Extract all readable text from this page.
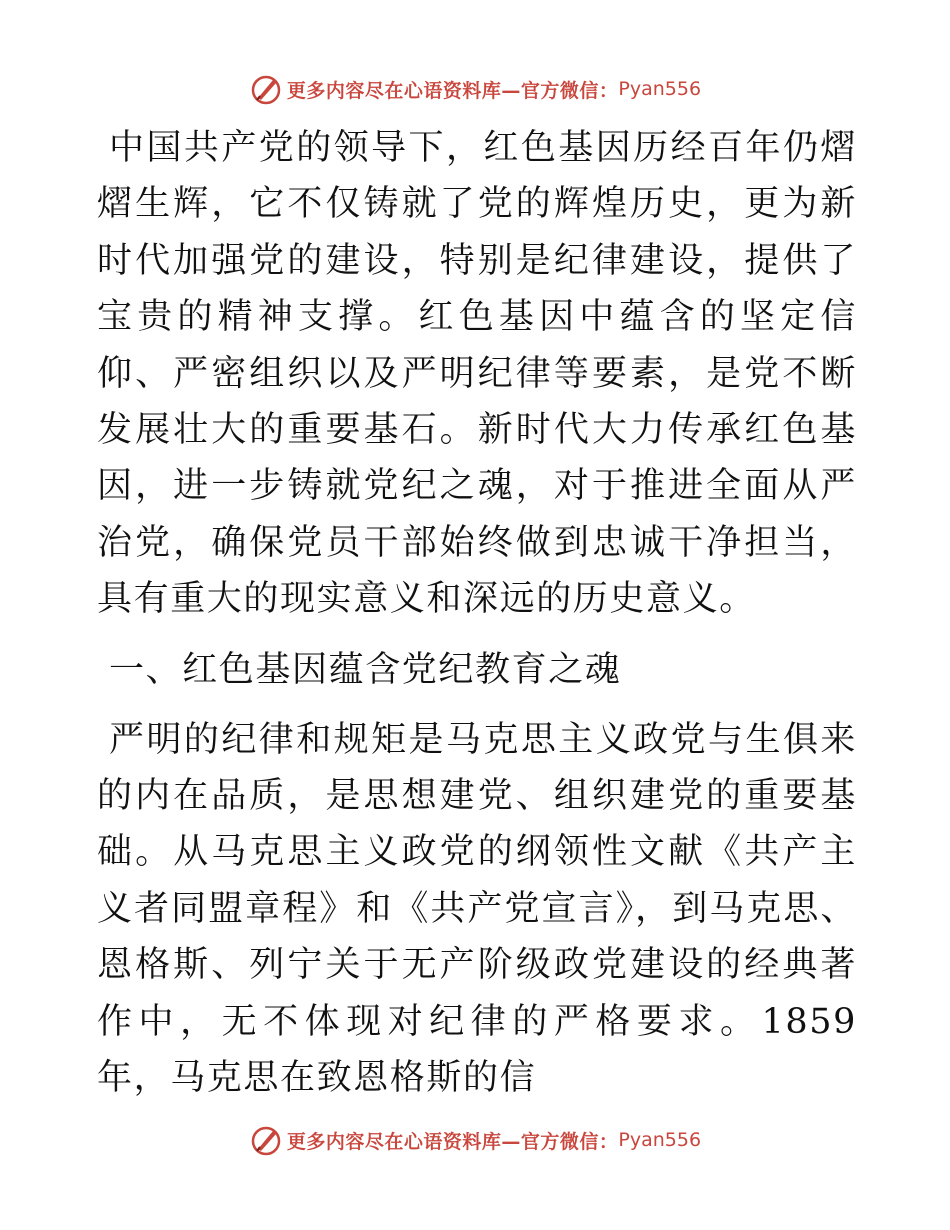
更多内容尽在心语资料库—官方微信： Pyan556

中国共产党的领导下，红色基因历经百年仍熠熠生辉，它不仅铸就了党的辉煌历史，更为新时代加强党的建设，特别是纪律建设，提供了宝贵的精神支撑。红色基因中蕴含的坚定信仰、严密组织以及严明纪律等要素，是党不断发展壮大的重要基石。新时代大力传承红色基因，进一步铸就党纪之魂，对于推进全面从严治党，确保党员干部始终做到忠诚干净担当，具有重大的现实意义和深远的历史意义。

一、红色基因蕴含党纪教育之魂

严明的纪律和规矩是马克思主义政党与生俱来的内在品质，是思想建党、组织建党的重要基础。从马克思主义政党的纲领性文献《共产主义者同盟章程》和《共产党宣言》，到马克思、恩格斯、列宁关于无产阶级政党建设的经典著作中，无不体现对纪律的严格要求。1859 年，马克思在致恩格斯的信

更多内容尽在心语资料库—官方微信： Pyan556
